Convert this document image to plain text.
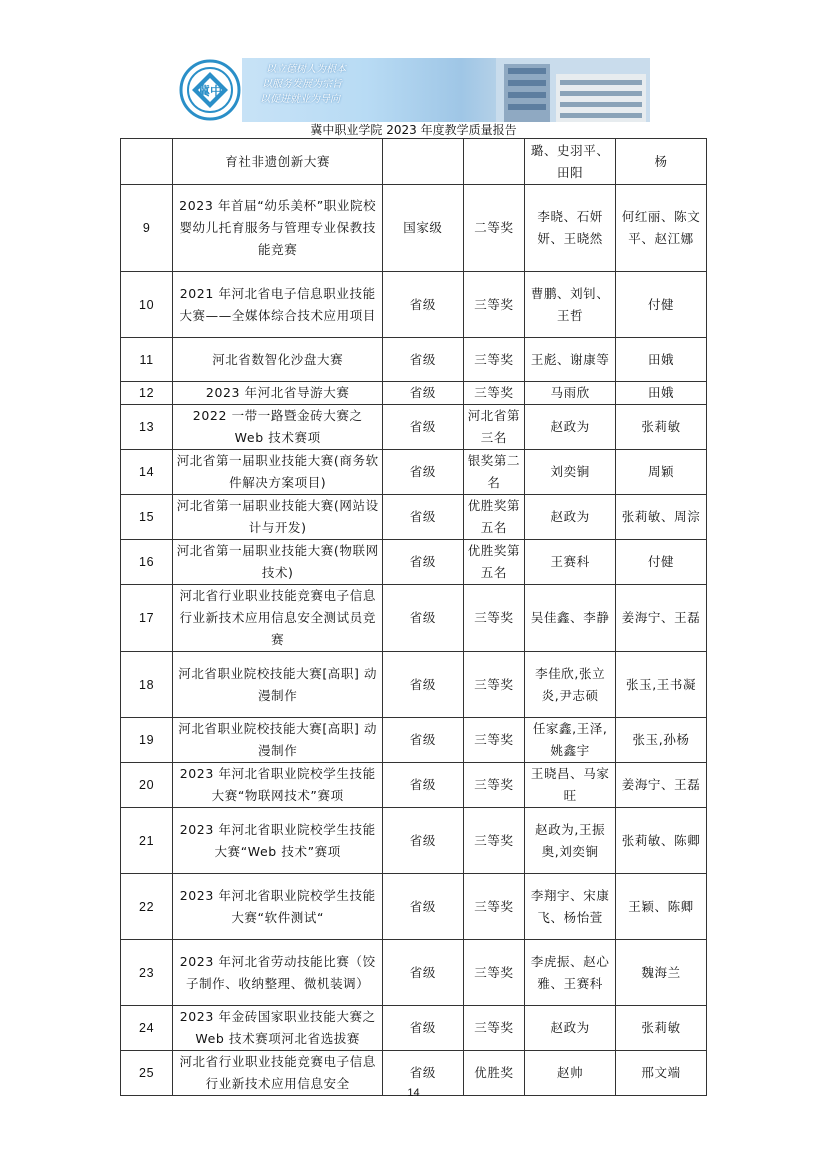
冀中
以立德树人为根本
以服务发展为宗旨
以促进就业为导向
冀中职业学院 2023 年度教学质量报告
	育社非遗创新大赛			璐、史羽平、田阳	杨
9	2023 年首届“幼乐美杯”职业院校婴幼儿托育服务与管理专业保教技能竞赛	国家级	二等奖	李晓、石妍妍、王晓然	何红丽、陈文平、赵江娜
10	2021 年河北省电子信息职业技能大赛——全媒体综合技术应用项目	省级	三等奖	曹鹏、刘钊、王哲	付健
11	河北省数智化沙盘大赛	省级	三等奖	王彪、谢康等	田娥
12	2023 年河北省导游大赛	省级	三等奖	马雨欣	田娥
13	2022 一带一路暨金砖大赛之 Web 技术赛项	省级	河北省第三名	赵政为	张莉敏
14	河北省第一届职业技能大赛(商务软件解决方案项目)	省级	银奖第二名	刘奕锏	周颖
15	河北省第一届职业技能大赛(网站设计与开发)	省级	优胜奖第五名	赵政为	张莉敏、周淙
16	河北省第一届职业技能大赛(物联网技术)	省级	优胜奖第五名	王赛科	付健
17	河北省行业职业技能竞赛电子信息行业新技术应用信息安全测试员竞赛	省级	三等奖	吴佳鑫、李静	姜海宁、王磊
18	河北省职业院校技能大赛[高职] 动漫制作	省级	三等奖	李佳欣,张立炎,尹志硕	张玉,王书凝
19	河北省职业院校技能大赛[高职] 动漫制作	省级	三等奖	任家鑫,王泽,姚鑫宇	张玉,孙杨
20	2023 年河北省职业院校学生技能大赛“物联网技术”赛项	省级	三等奖	王晓昌、马家旺	姜海宁、王磊
21	2023 年河北省职业院校学生技能大赛“Web 技术”赛项	省级	三等奖	赵政为,王振奥,刘奕锏	张莉敏、陈卿
22	2023 年河北省职业院校学生技能大赛“软件测试“	省级	三等奖	李翔宇、宋康飞、杨怡萱	王颖、陈卿
23	2023 年河北省劳动技能比赛（饺子制作、收纳整理、微机装调）	省级	三等奖	李虎振、赵心雅、王赛科	魏海兰
24	2023 年金砖国家职业技能大赛之 Web 技术赛项河北省选拔赛	省级	三等奖	赵政为	张莉敏
25	河北省行业职业技能竞赛电子信息行业新技术应用信息安全	省级	优胜奖	赵帅	邢文端
14
